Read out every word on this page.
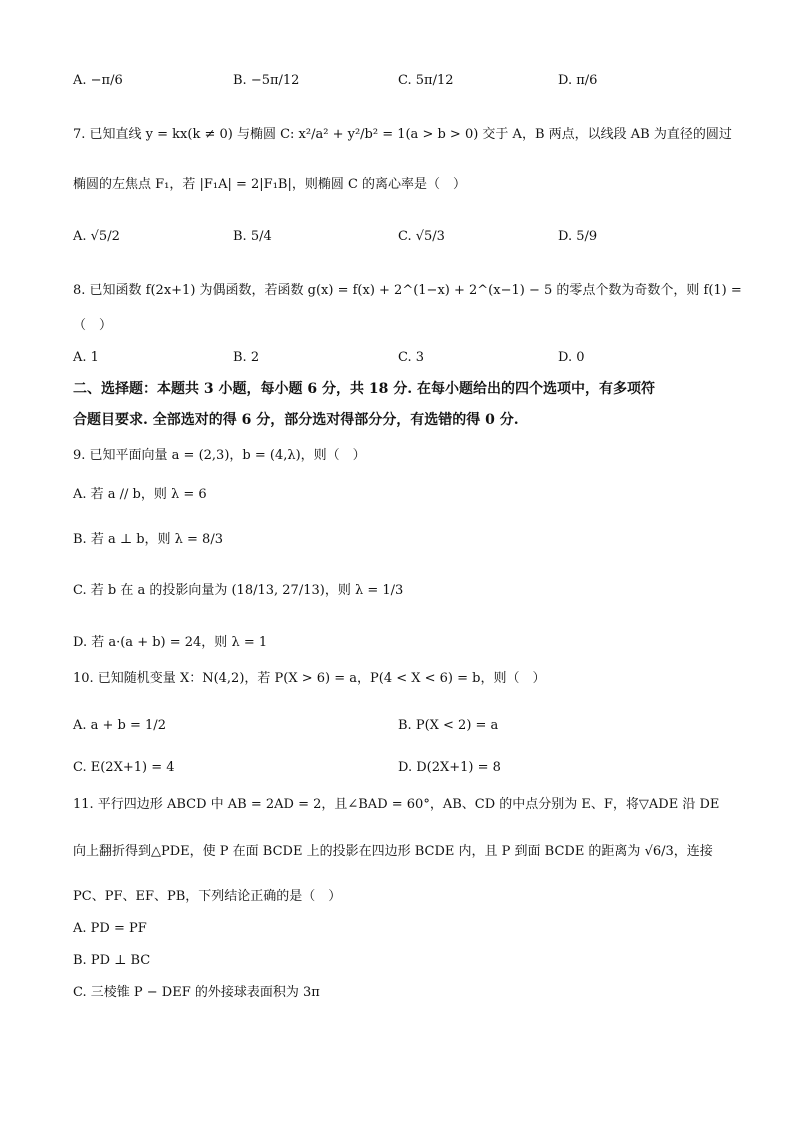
A. −π/6	B. −5π/12	C. 5π/12	D. π/6
7. 已知直线 y = kx(k ≠ 0) 与椭圆 C: x²/a² + y²/b² = 1(a > b > 0) 交于 A，B 两点，以线段 AB 为直径的圆过
椭圆的左焦点 F₁，若 |F₁A| = 2|F₁B|，则椭圆 C 的离心率是（　）
A. √5/2	B. 5/4	C. √5/3	D. 5/9
8. 已知函数 f(2x+1) 为偶函数，若函数 g(x) = f(x) + 2^(1−x) + 2^(x−1) − 5 的零点个数为奇数个，则 f(1) =
（　）
A. 1	B. 2	C. 3	D. 0
二、选择题：本题共 3 小题，每小题 6 分，共 18 分. 在每小题给出的四个选项中，有多项符
合题目要求. 全部选对的得 6 分，部分选对得部分分，有选错的得 0 分.
9. 已知平面向量 a = (2,3)，b = (4,λ)，则（　）
A. 若 a // b，则 λ = 6
B. 若 a ⊥ b，则 λ = 8/3
C. 若 b 在 a 的投影向量为 (18/13, 27/13)，则 λ = 1/3
D. 若 a·(a + b) = 24，则 λ = 1
10. 已知随机变量 X：N(4,2)，若 P(X > 6) = a，P(4 < X < 6) = b，则（　）
A. a + b = 1/2	B. P(X < 2) = a
C. E(2X+1) = 4	D. D(2X+1) = 8
11. 平行四边形 ABCD 中 AB = 2AD = 2，且∠BAD = 60°，AB、CD 的中点分别为 E、F，将▽ADE 沿 DE
向上翻折得到△PDE，使 P 在面 BCDE 上的投影在四边形 BCDE 内，且 P 到面 BCDE 的距离为 √6/3，连接
PC、PF、EF、PB，下列结论正确的是（　）
A. PD = PF
B. PD ⊥ BC
C. 三棱锥 P − DEF 的外接球表面积为 3π
